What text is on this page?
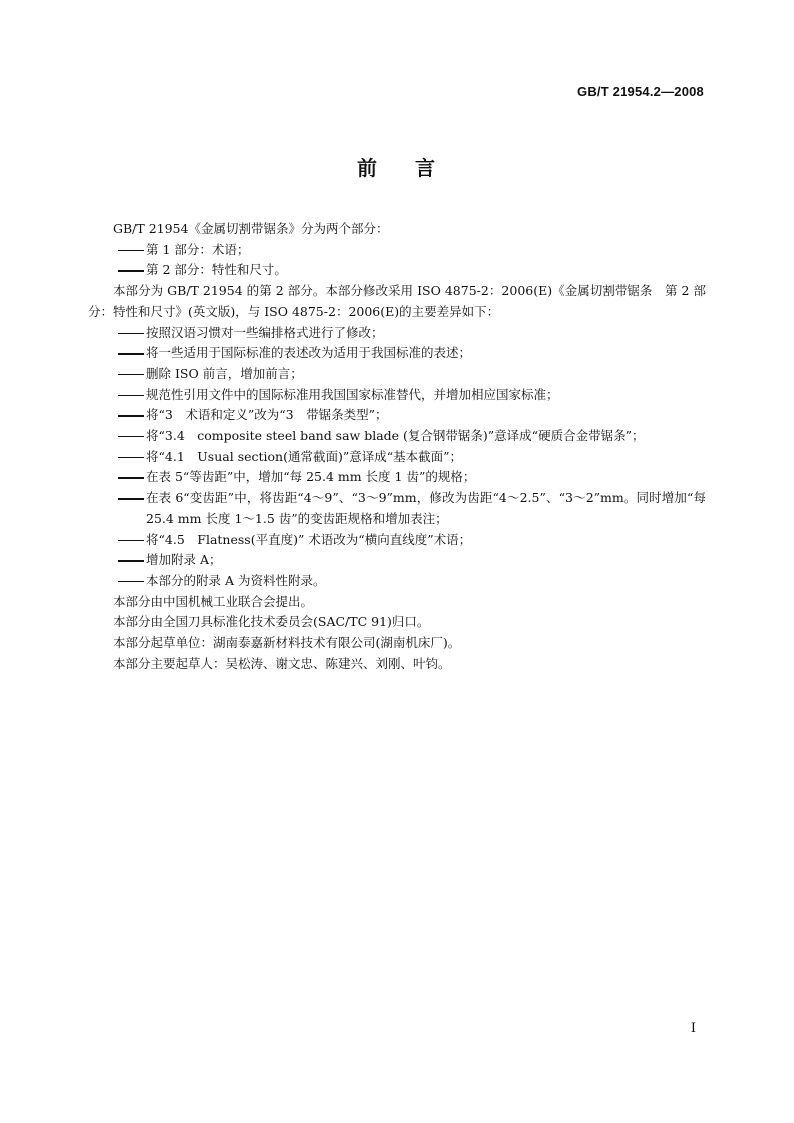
GB/T 21954.2—2008
前 言

GB/T 21954《金属切割带锯条》分为两个部分：

第 1 部分：术语；
第 2 部分：特性和尺寸。

本部分为 GB/T 21954 的第 2 部分。本部分修改采用 ISO 4875-2：2006(E)《金属切割带锯条　第 2 部分：特性和尺寸》(英文版)，与 ISO 4875-2：2006(E)的主要差异如下：

按照汉语习惯对一些编排格式进行了修改；
将一些适用于国际标准的表述改为适用于我国标准的表述；
删除 ISO 前言，增加前言；
规范性引用文件中的国际标准用我国国家标准替代，并增加相应国家标准；
将“3　术语和定义”改为“3　带锯条类型”；
将“3.4　composite steel band saw blade (复合钢带锯条)”意译成“硬质合金带锯条”；
将“4.1　Usual section(通常截面)”意译成“基本截面”；
在表 5“等齿距”中，增加“每 25.4 mm 长度 1 齿”的规格；
在表 6“变齿距”中，将齿距“4～9”、“3～9”mm，修改为齿距“4～2.5”、“3～2”mm。同时增加“每 25.4 mm 长度 1～1.5 齿”的变齿距规格和增加表注；
将“4.5　Flatness(平直度)” 术语改为“横向直线度”术语；
增加附录 A；
本部分的附录 A 为资料性附录。

本部分由中国机械工业联合会提出。

本部分由全国刀具标准化技术委员会(SAC/TC 91)归口。

本部分起草单位：湖南泰嘉新材料技术有限公司(湖南机床厂)。

本部分主要起草人：吴松涛、谢文忠、陈建兴、刘刚、叶钧。

I
